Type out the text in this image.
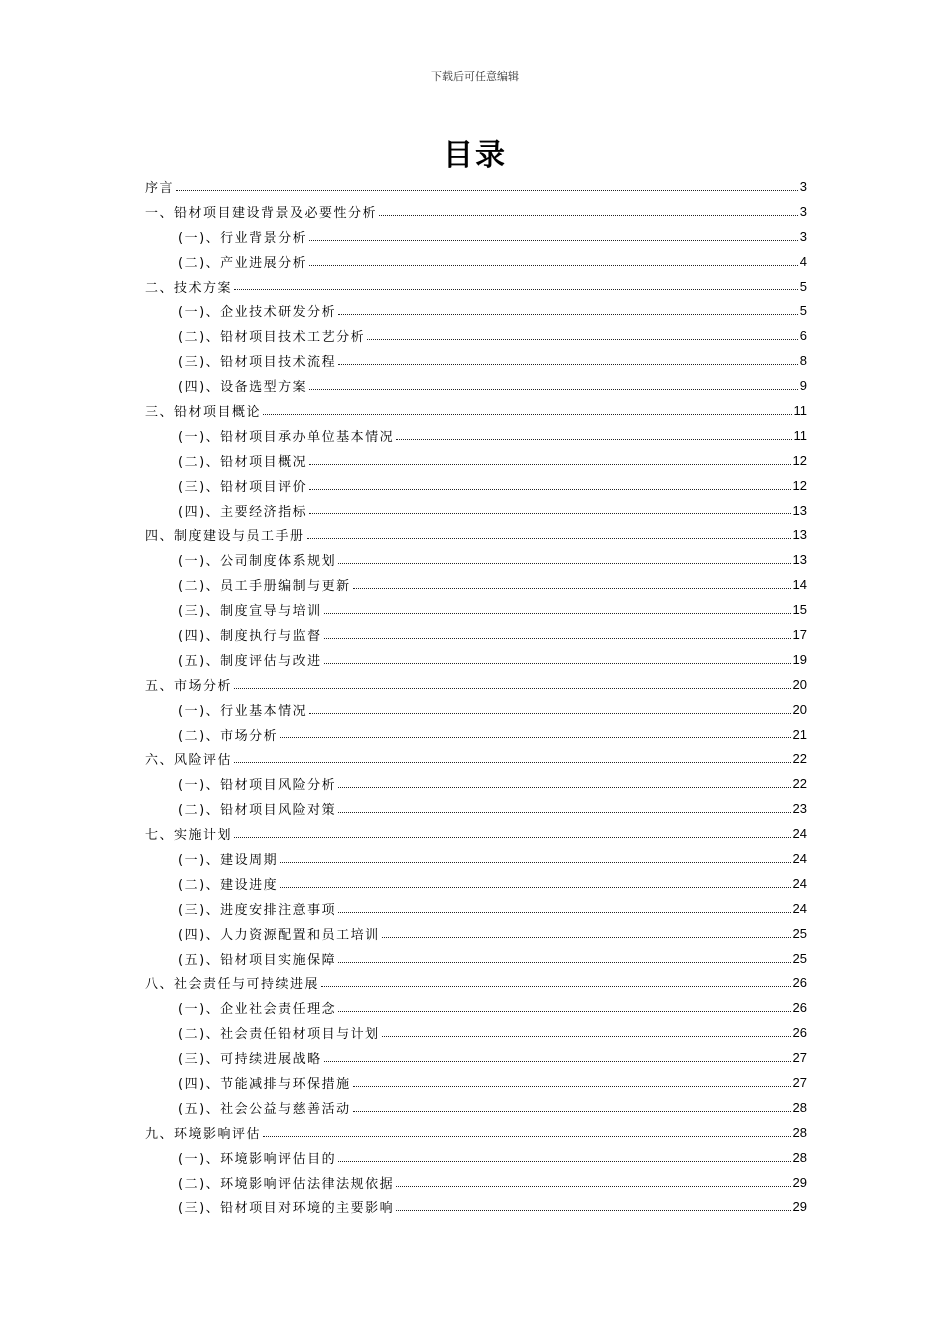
下载后可任意编辑
目录
序言	3
一、铅材项目建设背景及必要性分析	3
(一)、行业背景分析	3
(二)、产业进展分析	4
二、技术方案	5
(一)、企业技术研发分析	5
(二)、铅材项目技术工艺分析	6
(三)、铅材项目技术流程	8
(四)、设备选型方案	9
三、铅材项目概论	11
(一)、铅材项目承办单位基本情况	11
(二)、铅材项目概况	12
(三)、铅材项目评价	12
(四)、主要经济指标	13
四、制度建设与员工手册	13
(一)、公司制度体系规划	13
(二)、员工手册编制与更新	14
(三)、制度宣导与培训	15
(四)、制度执行与监督	17
(五)、制度评估与改进	19
五、市场分析	20
(一)、行业基本情况	20
(二)、市场分析	21
六、风险评估	22
(一)、铅材项目风险分析	22
(二)、铅材项目风险对策	23
七、实施计划	24
(一)、建设周期	24
(二)、建设进度	24
(三)、进度安排注意事项	24
(四)、人力资源配置和员工培训	25
(五)、铅材项目实施保障	25
八、社会责任与可持续进展	26
(一)、企业社会责任理念	26
(二)、社会责任铅材项目与计划	26
(三)、可持续进展战略	27
(四)、节能减排与环保措施	27
(五)、社会公益与慈善活动	28
九、环境影响评估	28
(一)、环境影响评估目的	28
(二)、环境影响评估法律法规依据	29
(三)、铅材项目对环境的主要影响	29
